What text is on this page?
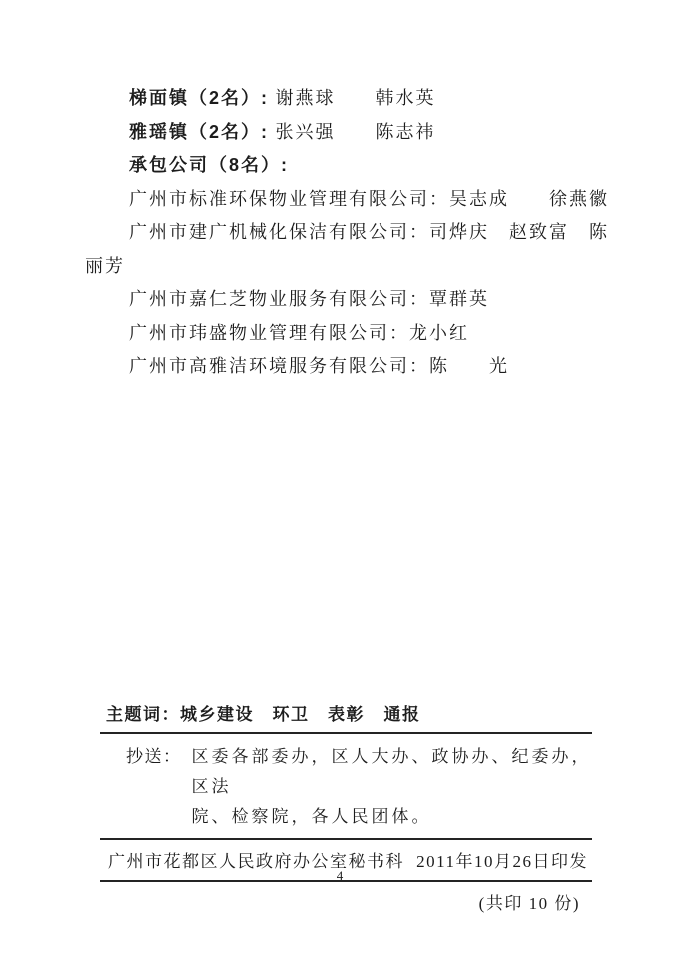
梯面镇（2名）: 谢燕球　　韩水英
雅瑶镇（2名）: 张兴强　　陈志祎
承包公司（8名）:
广州市标准环保物业管理有限公司：吴志成　　徐燕徽
广州市建广机械化保洁有限公司：司烨庆　赵致富　陈
丽芳
广州市嘉仁芝物业服务有限公司：覃群英
广州市玮盛物业管理有限公司：龙小红
广州市高雅洁环境服务有限公司：陈　　光
主题词：城乡建设　环卫　表彰　通报
抄送： 区委各部委办，区人大办、政协办、纪委办，区法
院、检察院，各人民团体。
广州市花都区人民政府办公室秘书科 2011年10月26日印发
(共印 10 份)
4
